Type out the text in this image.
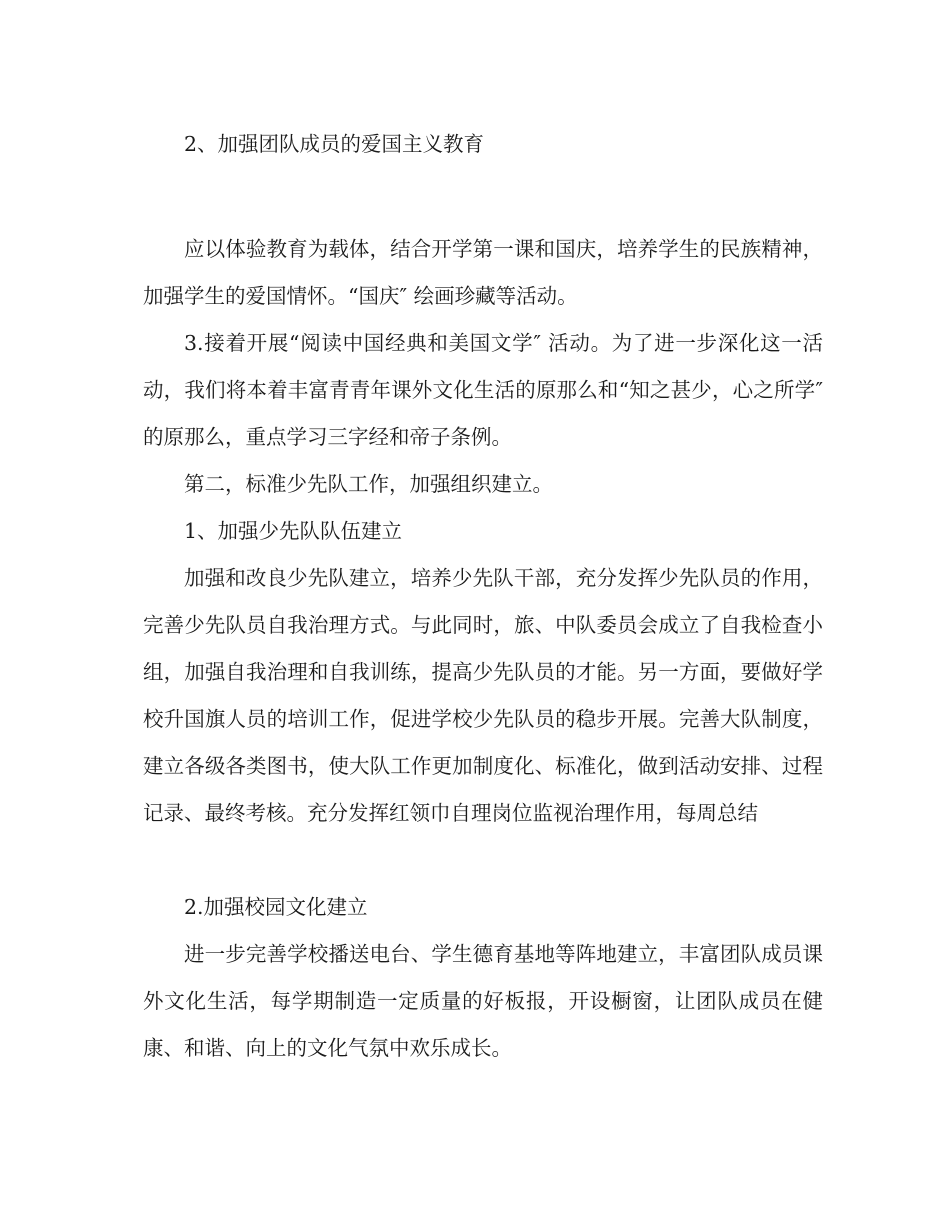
2、加强团队成员的爱国主义教育

应以体验教育为载体，结合开学第一课和国庆，培养学生的民族精神，加强学生的爱国情怀。“国庆″ 绘画珍藏等活动。

3.接着开展“阅读中国经典和美国文学″ 活动。为了进一步深化这一活动，我们将本着丰富青青年课外文化生活的原那么和“知之甚少，心之所学″ 的原那么，重点学习三字经和帝子条例。

第二，标准少先队工作，加强组织建立。

1、加强少先队队伍建立

加强和改良少先队建立，培养少先队干部，充分发挥少先队员的作用，完善少先队员自我治理方式。与此同时，旅、中队委员会成立了自我检查小组，加强自我治理和自我训练，提高少先队员的才能。另一方面，要做好学校升国旗人员的培训工作，促进学校少先队员的稳步开展。完善大队制度，建立各级各类图书，使大队工作更加制度化、标准化，做到活动安排、过程记录、最终考核。充分发挥红领巾自理岗位监视治理作用，每周总结

2.加强校园文化建立

进一步完善学校播送电台、学生德育基地等阵地建立，丰富团队成员课外文化生活，每学期制造一定质量的好板报，开设橱窗，让团队成员在健康、和谐、向上的文化气氛中欢乐成长。
